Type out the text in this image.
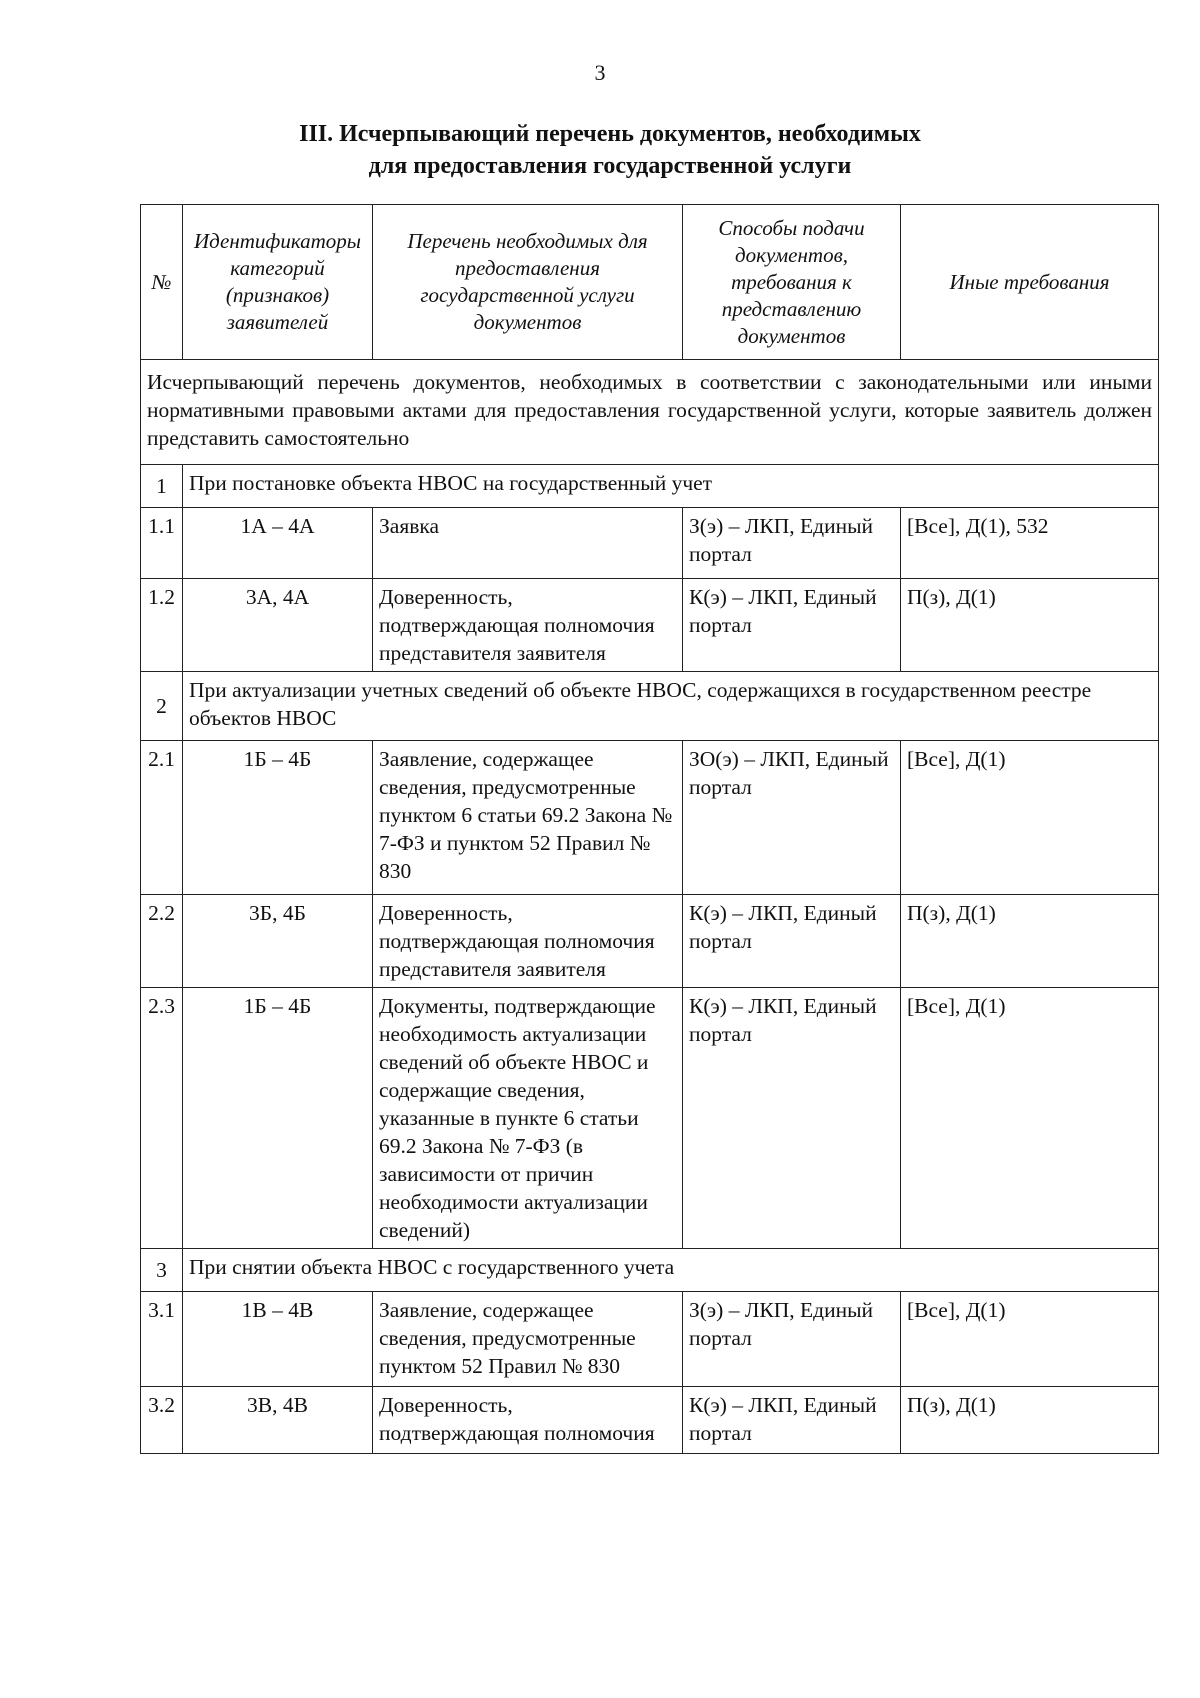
3
III. Исчерпывающий перечень документов, необходимых
для предоставления государственной услуги
№	Идентификаторы категорий (признаков) заявителей	Перечень необходимых для предоставления государственной услуги документов	Способы подачи документов, требования к представлению документов	Иные требования
Исчерпывающий перечень документов, необходимых в соответствии с законодательными или иными нормативными правовыми актами для предоставления государственной услуги, которые заявитель должен представить самостоятельно				
1	При постановке объекта НВОС на государственный учет			
1.1	1А – 4А	Заявка	З(э) – ЛКП, Единый портал	[Все], Д(1), 532
1.2	3А, 4А	Доверенность, подтверждающая полномочия представителя заявителя	К(э) – ЛКП, Единый портал	П(з), Д(1)
2	При актуализации учетных сведений об объекте НВОС, содержащихся в государственном реестре объектов НВОС			
2.1	1Б – 4Б	Заявление, содержащее сведения, предусмотренные пунктом 6 статьи 69.2 Закона № 7-ФЗ и пунктом 52 Правил № 830	ЗО(э) – ЛКП, Единый портал	[Все], Д(1)
2.2	3Б, 4Б	Доверенность, подтверждающая полномочия представителя заявителя	К(э) – ЛКП, Единый портал	П(з), Д(1)
2.3	1Б – 4Б	Документы, подтверждающие необходимость актуализации сведений об объекте НВОС и содержащие сведения, указанные в пункте 6 статьи 69.2 Закона № 7-ФЗ (в зависимости от причин необходимости актуализации сведений)	К(э) – ЛКП, Единый портал	[Все], Д(1)
3	При снятии объекта НВОС с государственного учета			
3.1	1В – 4В	Заявление, содержащее сведения, предусмотренные пунктом 52 Правил № 830	З(э) – ЛКП, Единый портал	[Все], Д(1)
3.2	3В, 4В	Доверенность, подтверждающая полномочия	К(э) – ЛКП, Единый портал	П(з), Д(1)
